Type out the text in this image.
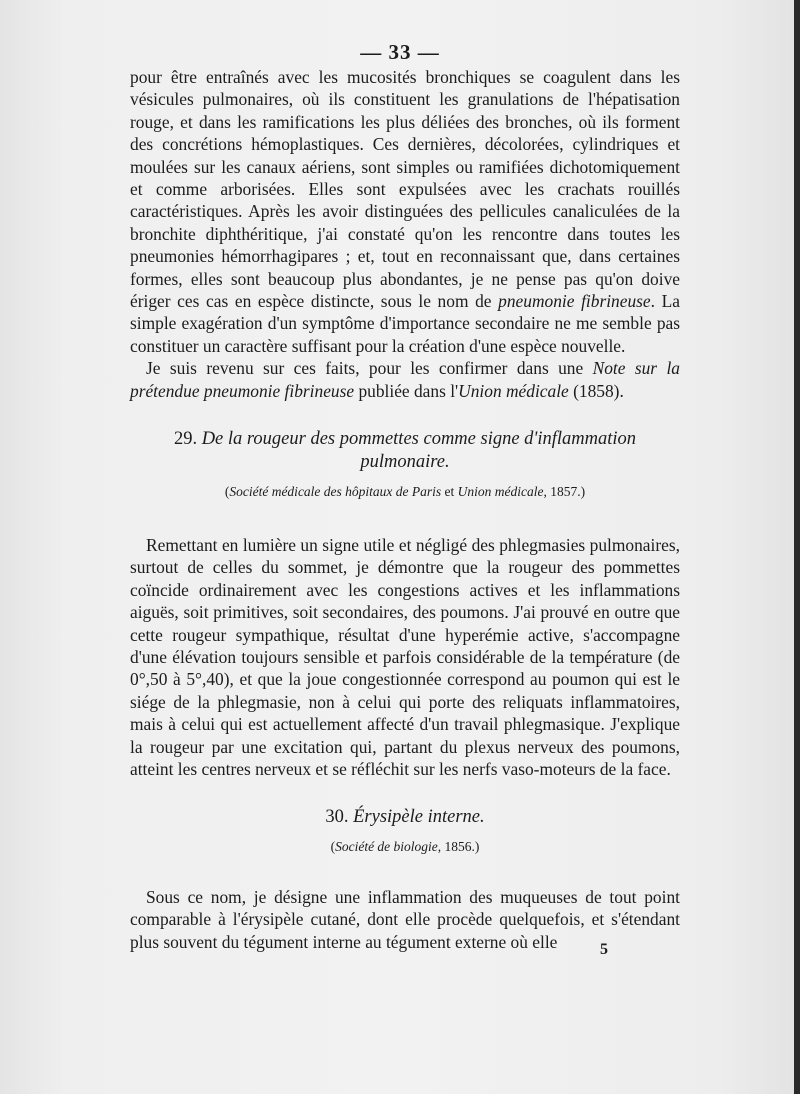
— 33 —

pour être entraînés avec les mucosités bronchiques se coagulent dans les vésicules pulmonaires, où ils constituent les granulations de l'hépatisation rouge, et dans les ramifications les plus déliées des bronches, où ils forment des concrétions hémoplastiques. Ces dernières, décolorées, cylindriques et moulées sur les canaux aériens, sont simples ou ramifiées dichotomiquement et comme arborisées. Elles sont expulsées avec les crachats rouillés caractéristiques. Après les avoir distinguées des pellicules canaliculées de la bronchite diphthéritique, j'ai constaté qu'on les rencontre dans toutes les pneumonies hémorrhagipares ; et, tout en reconnaissant que, dans certaines formes, elles sont beaucoup plus abondantes, je ne pense pas qu'on doive ériger ces cas en espèce distincte, sous le nom de pneumonie fibrineuse. La simple exagération d'un symptôme d'importance secondaire ne me semble pas constituer un caractère suffisant pour la création d'une espèce nouvelle.

Je suis revenu sur ces faits, pour les confirmer dans une Note sur la prétendue pneumonie fibrineuse publiée dans l'Union médicale (1858).

29. De la rougeur des pommettes comme signe d'inflammation pulmonaire.
(Société médicale des hôpitaux de Paris et Union médicale, 1857.)

Remettant en lumière un signe utile et négligé des phlegmasies pulmonaires, surtout de celles du sommet, je démontre que la rougeur des pommettes coïncide ordinairement avec les congestions actives et les inflammations aiguës, soit primitives, soit secondaires, des poumons. J'ai prouvé en outre que cette rougeur sympathique, résultat d'une hyperémie active, s'accompagne d'une élévation toujours sensible et parfois considérable de la température (de 0°,50 à 5°,40), et que la joue congestionnée correspond au poumon qui est le siége de la phlegmasie, non à celui qui porte des reliquats inflammatoires, mais à celui qui est actuellement affecté d'un travail phlegmasique. J'explique la rougeur par une excitation qui, partant du plexus nerveux des poumons, atteint les centres nerveux et se réfléchit sur les nerfs vaso-moteurs de la face.

30. Érysipèle interne.
(Société de biologie, 1856.)

Sous ce nom, je désigne une inflammation des muqueuses de tout point comparable à l'érysipèle cutané, dont elle procède quelquefois, et s'étendant plus souvent du tégument interne au tégument externe où elle	5
